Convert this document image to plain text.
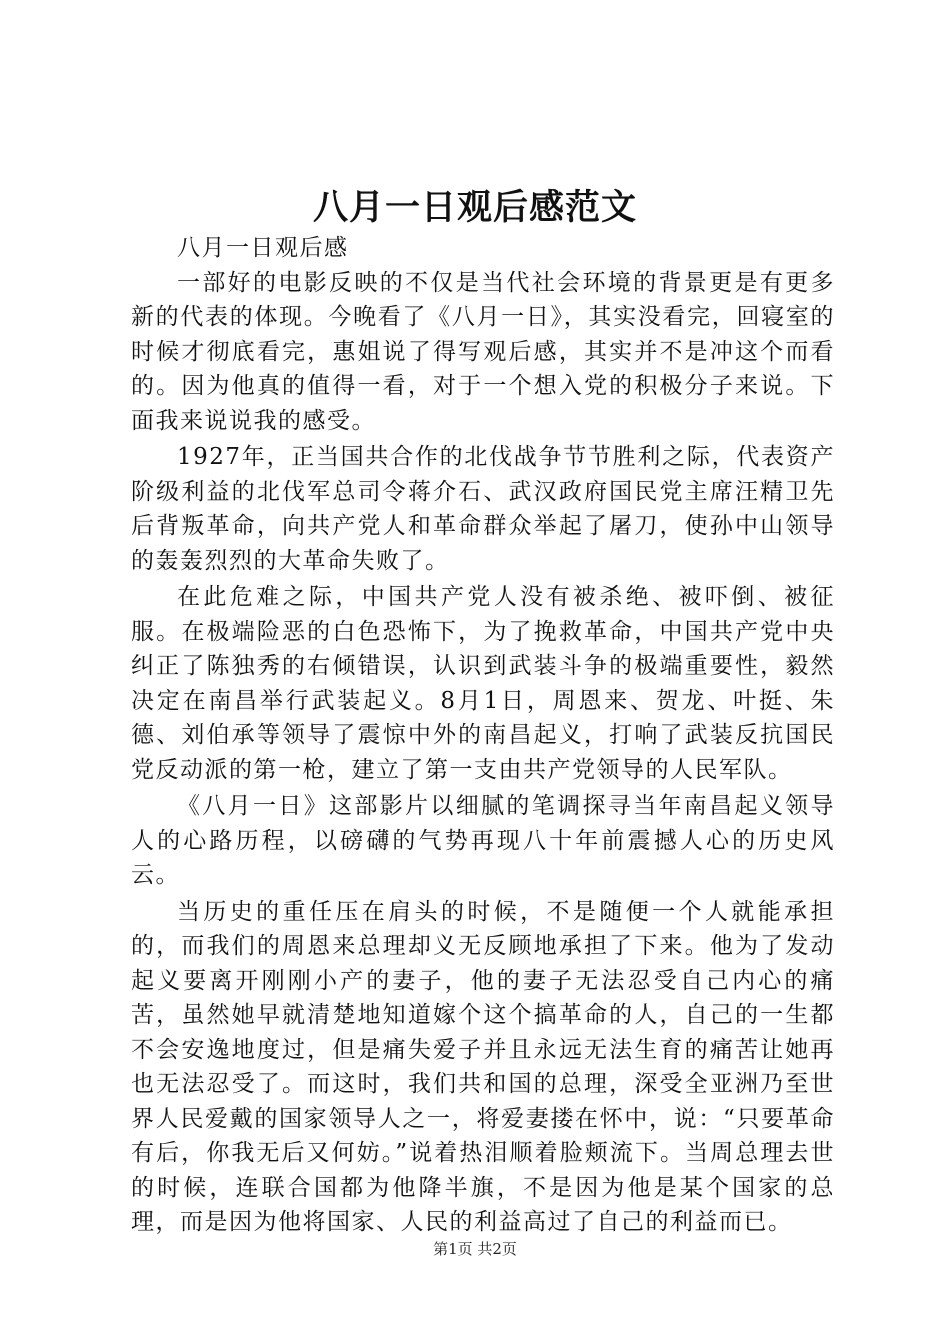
八月一日观后感范文

八月一日观后感

一部好的电影反映的不仅是当代社会环境的背景更是有更多新的代表的体现。今晚看了《八月一日》，其实没看完，回寝室的时候才彻底看完，惠姐说了得写观后感，其实并不是冲这个而看的。因为他真的值得一看，对于一个想入党的积极分子来说。下面我来说说我的感受。

1927年，正当国共合作的北伐战争节节胜利之际，代表资产阶级利益的北伐军总司令蒋介石、武汉政府国民党主席汪精卫先后背叛革命，向共产党人和革命群众举起了屠刀，使孙中山领导的轰轰烈烈的大革命失败了。

在此危难之际，中国共产党人没有被杀绝、被吓倒、被征服。在极端险恶的白色恐怖下，为了挽救革命，中国共产党中央纠正了陈独秀的右倾错误，认识到武装斗争的极端重要性，毅然决定在南昌举行武装起义。8月1日，周恩来、贺龙、叶挺、朱德、刘伯承等领导了震惊中外的南昌起义，打响了武装反抗国民党反动派的第一枪，建立了第一支由共产党领导的人民军队。

《八月一日》这部影片以细腻的笔调探寻当年南昌起义领导人的心路历程，以磅礴的气势再现八十年前震撼人心的历史风云。

当历史的重任压在肩头的时候，不是随便一个人就能承担的，而我们的周恩来总理却义无反顾地承担了下来。他为了发动起义要离开刚刚小产的妻子，他的妻子无法忍受自己内心的痛苦，虽然她早就清楚地知道嫁个这个搞革命的人，自己的一生都不会安逸地度过，但是痛失爱子并且永远无法生育的痛苦让她再也无法忍受了。而这时，我们共和国的总理，深受全亚洲乃至世界人民爱戴的国家领导人之一，将爱妻搂在怀中，说：“只要革命有后，你我无后又何妨。”说着热泪顺着脸颊流下。当周总理去世的时候，连联合国都为他降半旗，不是因为他是某个国家的总理，而是因为他将国家、人民的利益高过了自己的利益而已。

第1页 共2页
